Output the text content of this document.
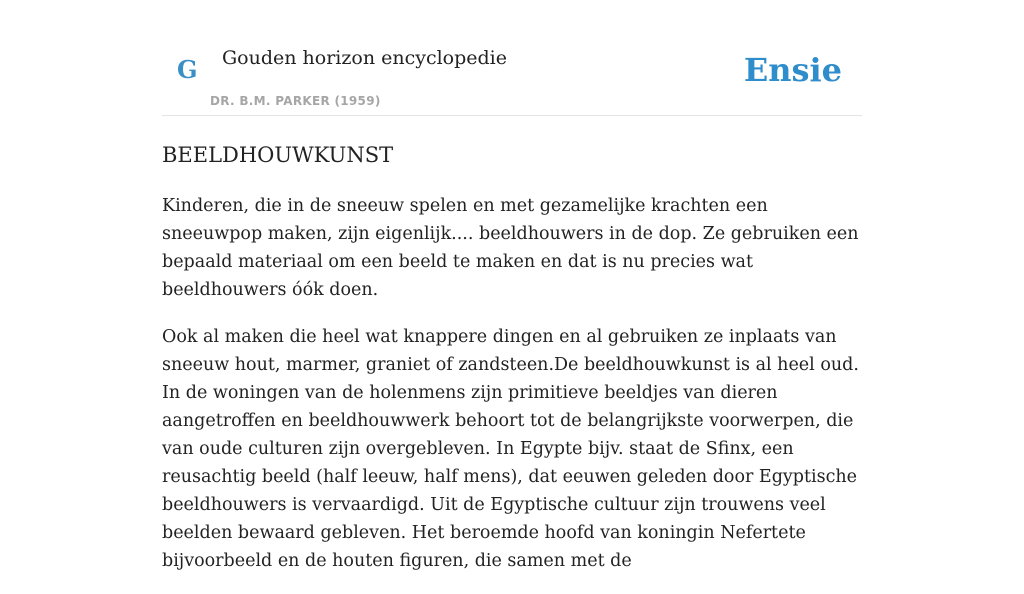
G Gouden horizon encyclopedie
DR. B.M. PARKER (1959)
Ensie
BEELDHOUWKUNST

Kinderen, die in de sneeuw spelen en met gezamelijke krachten een sneeuwpop maken, zijn eigenlijk.... beeldhouwers in de dop. Ze gebruiken een bepaald materiaal om een beeld te maken en dat is nu precies wat beeldhouwers óók doen.

Ook al maken die heel wat knappere dingen en al gebruiken ze inplaats van sneeuw hout, marmer, graniet of zandsteen.De beeldhouwkunst is al heel oud. In de woningen van de holenmens zijn primitieve beeldjes van dieren aangetroffen en beeldhouwwerk behoort tot de belangrijkste voorwerpen, die van oude culturen zijn overgebleven. In Egypte bijv. staat de Sfinx, een reusachtig beeld (half leeuw, half mens), dat eeuwen geleden door Egyptische beeldhouwers is vervaardigd. Uit de Egyptische cultuur zijn trouwens veel beelden bewaard gebleven. Het beroemde hoofd van koningin Nefertete bijvoorbeeld en de houten figuren, die samen met de
